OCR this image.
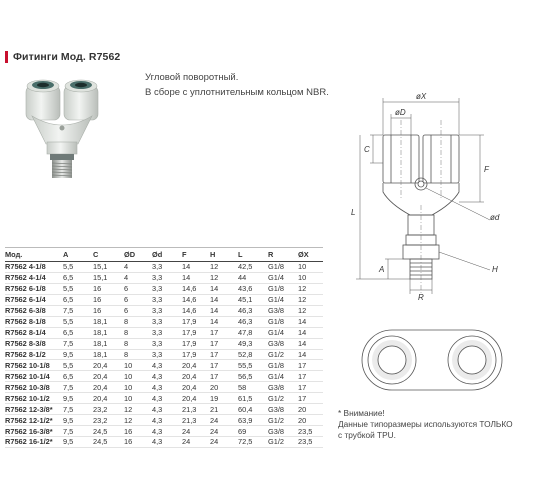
Фитинги Мод. R7562
Угловой поворотный.
В сборе с уплотнительным кольцом NBR.	øX
øD
C
F
L
ød
A	H
R
Мод.	A	C	ØD	Ød	F	H	L	R	ØX
R7562 4-1/8	5,5	15,1	4	3,3	14	12	42,5	G1/8	10
R7562 4-1/4	6,5	15,1	4	3,3	14	12	44	G1/4	10
R7562 6-1/8	5,5	16	6	3,3	14,6	14	43,6	G1/8	12
R7562 6-1/4	6,5	16	6	3,3	14,6	14	45,1	G1/4	12
R7562 6-3/8	7,5	16	6	3,3	14,6	14	46,3	G3/8	12
R7562 8-1/8	5,5	18,1	8	3,3	17,9	14	46,3	G1/8	14
R7562 8-1/4	6,5	18,1	8	3,3	17,9	17	47,8	G1/4	14
R7562 8-3/8	7,5	18,1	8	3,3	17,9	17	49,3	G3/8	14
R7562 8-1/2	9,5	18,1	8	3,3	17,9	17	52,8	G1/2	14
R7562 10-1/8	5,5	20,4	10	4,3	20,4	17	55,5	G1/8	17
R7562 10-1/4	6,5	20,4	10	4,3	20,4	17	56,5	G1/4	17
R7562 10-3/8	7,5	20,4	10	4,3	20,4	20	58	G3/8	17
R7562 10-1/2	9,5	20,4	10	4,3	20,4	19	61,5	G1/2	17
R7562 12-3/8*	7,5	23,2	12	4,3	21,3	21	60,4	G3/8	20
R7562 12-1/2*	9,5	23,2	12	4,3	21,3	24	63,9	G1/2	20
R7562 16-3/8*	7,5	24,5	16	4,3	24	24	69	G3/8	23,5
R7562 16-1/2*	9,5	24,5	16	4,3	24	24	72,5	G1/2	23,5
* Внимание!
Данные типоразмеры используются ТОЛЬКО
с трубкой TPU.
